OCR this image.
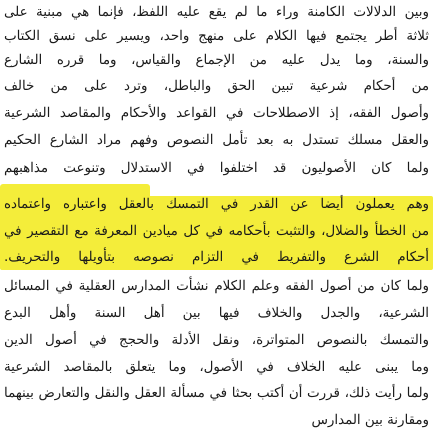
وبين الدلالات الكامنة وراء ما لم يقع عليه اللفظ، فإنما هي مبنية على
ثلاثة أطر يجتمع فيها الكلام على منهج واحد، ويسير على نسق الكتاب
والسنة، وما يدل عليه من الإجماع والقياس، وما قرره الشارع
من أحكام شرعية تبين الحق والباطل، وترد على من خالف
وأصول الفقه، إذ الاصطلاحات في القواعد والأحكام والمقاصد الشرعية
والعقل مسلك تستدل به بعد تأمل النصوص وفهم مراد الشارع الحكيم
ولما كان الأصوليون قد اختلفوا في الاستدلال وتنوعت مذاهبهم
وهم يعملون أيضا عن القدر في التمسك بالعقل واعتباره واعتماده
من الخطأ والضلال، والتثبت بأحكامه في كل ميادين المعرفة مع التقصير في
أحكام الشرع والتفريط في التزام نصوصه بتأويلها والتحريف.
ولما كان من أصول الفقه وعلم الكلام نشأت المدارس العقلية في المسائل
الشرعية، والجدل والخلاف فيها بين أهل السنة وأهل البدع
والتمسك بالنصوص المتواترة، ونقل الأدلة والحجج في أصول الدين
وما يبنى عليه الخلاف في الأصول، وما يتعلق بالمقاصد الشرعية
ولما رأيت ذلك، قررت أن أكتب بحثا في مسألة العقل والنقل والتعارض بينهما
ومقارنة بين المدارس
